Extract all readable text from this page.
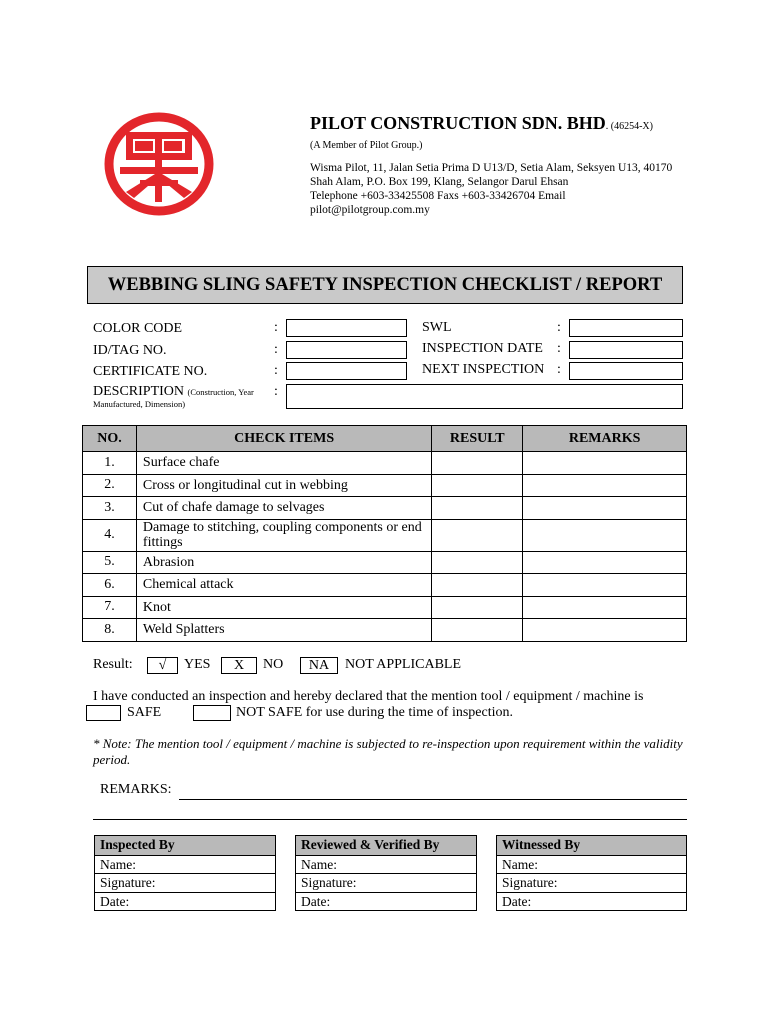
PILOT CONSTRUCTION SDN. BHD. (46254-X)
(A Member of Pilot Group.)
Wisma Pilot, 11, Jalan Setia Prima D U13/D, Setia Alam, Seksyen U13, 40170
Shah Alam, P.O. Box 199, Klang, Selangor Darul Ehsan
Telephone +603-33425508 Faxs +603-33426704 Email
pilot@pilotgroup.com.my
WEBBING SLING SAFETY INSPECTION CHECKLIST / REPORT
COLOR CODE	:
ID/TAG NO.	:
CERTIFICATE NO.	:
SWL	:
INSPECTION DATE :
NEXT INSPECTION :
DESCRIPTION (Construction, Year
Manufactured, Dimension)
:
NO.	CHECK ITEMS	RESULT	REMARKS
1.	Surface chafe		
2.	Cross or longitudinal cut in webbing		
3.	Cut of chafe damage to selvages		
4.	Damage to stitching, coupling components or end fittings		
5.	Abrasion		
6.	Chemical attack		
7.	Knot		
8.	Weld Splatters		
Result:	√	YES	X	NO	NA	NOT APPLICABLE
I have conducted an inspection and hereby declared that the mention tool / equipment / machine is
SAFE	NOT SAFE for use during the time of inspection.
* Note: The mention tool / equipment / machine is subjected to re-inspection upon requirement within the validity period.
REMARKS:
Inspected By
Name:
Signature:
Date:
Reviewed & Verified By
Name:
Signature:
Date:
Witnessed By
Name:
Signature:
Date:
